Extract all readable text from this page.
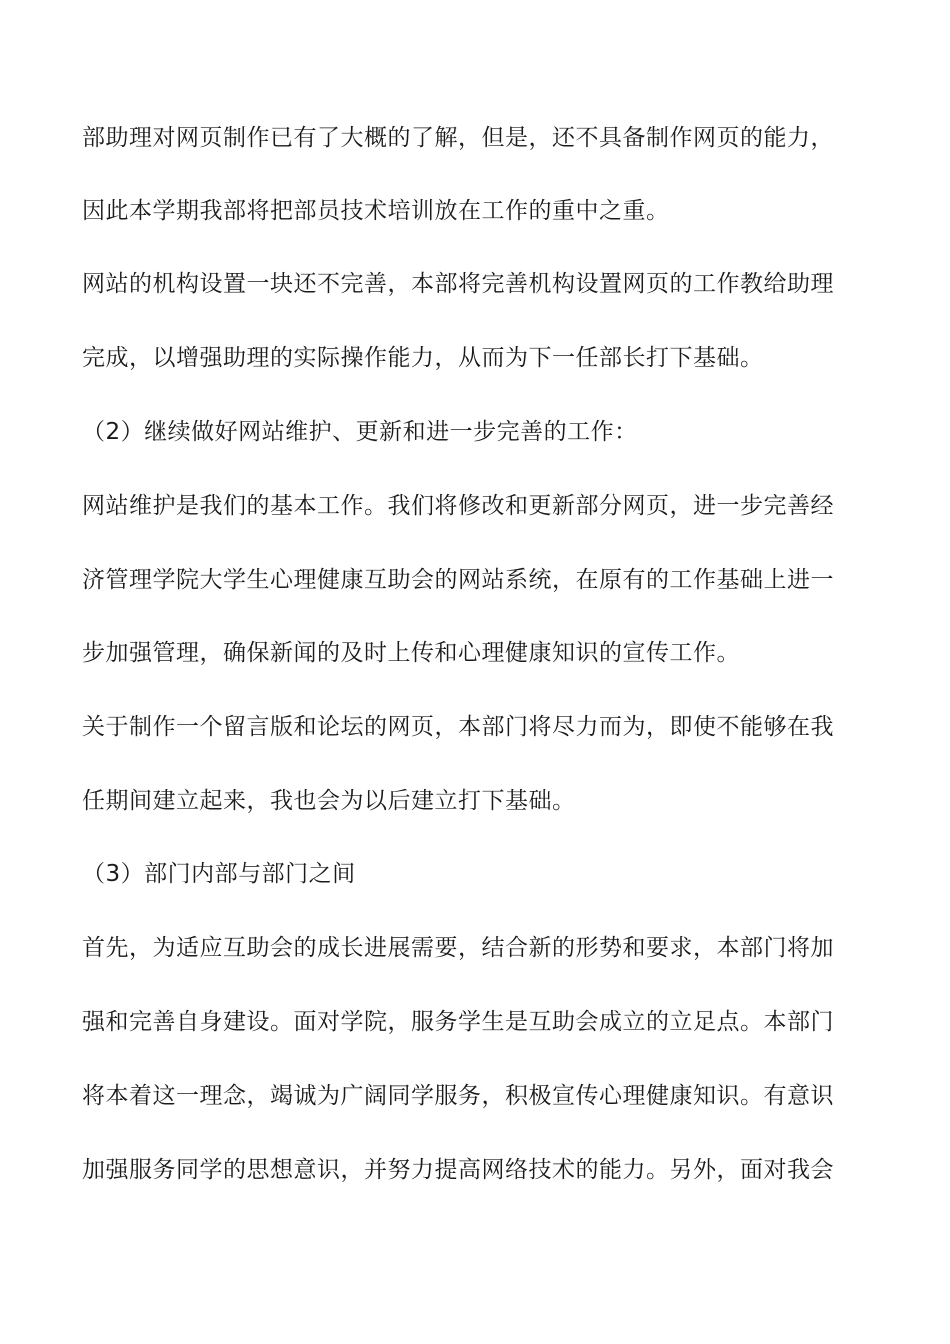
部助理对网页制作已有了大概的了解，但是，还不具备制作网页的能力，
因此本学期我部将把部员技术培训放在工作的重中之重。
网站的机构设置一块还不完善，本部将完善机构设置网页的工作教给助理
完成，以增强助理的实际操作能力，从而为下一任部长打下基础。
（2）继续做好网站维护、更新和进一步完善的工作：
网站维护是我们的基本工作。我们将修改和更新部分网页，进一步完善经
济管理学院大学生心理健康互助会的网站系统，在原有的工作基础上进一
步加强管理，确保新闻的及时上传和心理健康知识的宣传工作。
关于制作一个留言版和论坛的网页，本部门将尽力而为，即使不能够在我
任期间建立起来，我也会为以后建立打下基础。
（3）部门内部与部门之间
首先，为适应互助会的成长进展需要，结合新的形势和要求，本部门将加
强和完善自身建设。面对学院，服务学生是互助会成立的立足点。本部门
将本着这一理念，竭诚为广阔同学服务，积极宣传心理健康知识。有意识
加强服务同学的思想意识，并努力提高网络技术的能力。另外，面对我会
